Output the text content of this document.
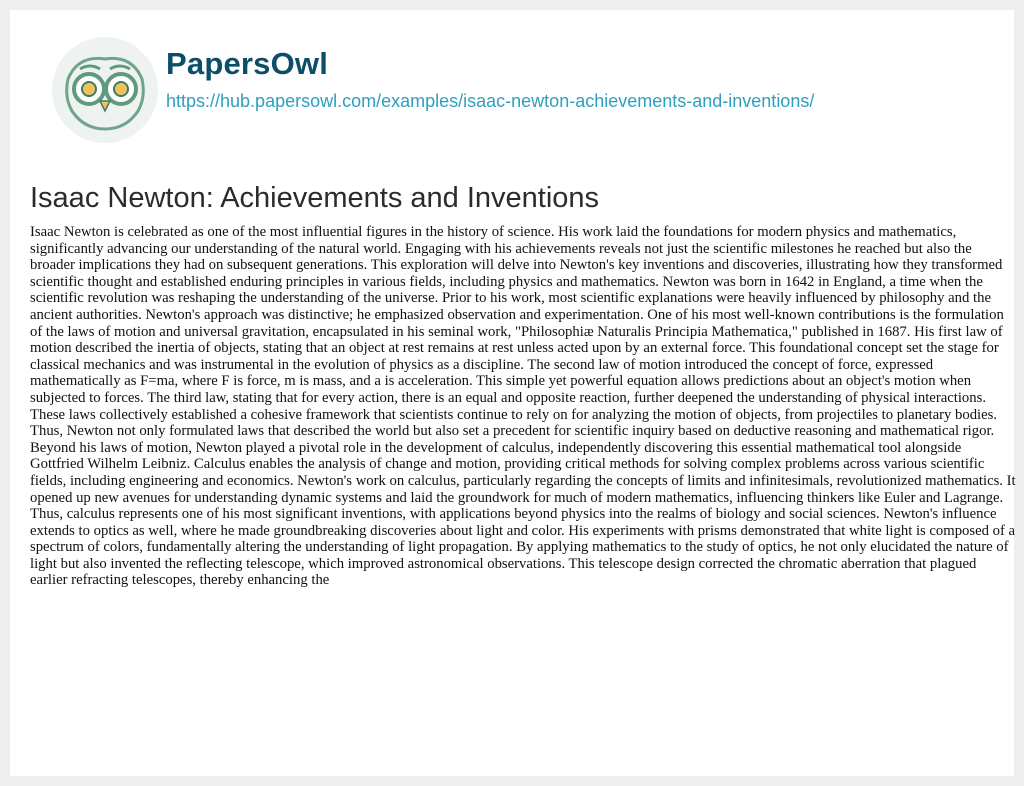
PapersOwl
https://hub.papersowl.com/examples/isaac-newton-achievements-and-inventions/
Isaac Newton: Achievements and Inventions

Isaac Newton is celebrated as one of the most influential figures in the history of science. His work laid the foundations for modern physics and mathematics, significantly advancing our understanding of the natural world. Engaging with his achievements reveals not just the scientific milestones he reached but also the broader implications they had on subsequent generations. This exploration will delve into Newton's key inventions and discoveries, illustrating how they transformed scientific thought and established enduring principles in various fields, including physics and mathematics. Newton was born in 1642 in England, a time when the scientific revolution was reshaping the understanding of the universe. Prior to his work, most scientific explanations were heavily influenced by philosophy and the ancient authorities. Newton's approach was distinctive; he emphasized observation and experimentation. One of his most well-known contributions is the formulation of the laws of motion and universal gravitation, encapsulated in his seminal work, "Philosophiæ Naturalis Principia Mathematica," published in 1687. His first law of motion described the inertia of objects, stating that an object at rest remains at rest unless acted upon by an external force. This foundational concept set the stage for classical mechanics and was instrumental in the evolution of physics as a discipline. The second law of motion introduced the concept of force, expressed mathematically as F=ma, where F is force, m is mass, and a is acceleration. This simple yet powerful equation allows predictions about an object's motion when subjected to forces. The third law, stating that for every action, there is an equal and opposite reaction, further deepened the understanding of physical interactions. These laws collectively established a cohesive framework that scientists continue to rely on for analyzing the motion of objects, from projectiles to planetary bodies. Thus, Newton not only formulated laws that described the world but also set a precedent for scientific inquiry based on deductive reasoning and mathematical rigor. Beyond his laws of motion, Newton played a pivotal role in the development of calculus, independently discovering this essential mathematical tool alongside Gottfried Wilhelm Leibniz. Calculus enables the analysis of change and motion, providing critical methods for solving complex problems across various scientific fields, including engineering and economics. Newton's work on calculus, particularly regarding the concepts of limits and infinitesimals, revolutionized mathematics. It opened up new avenues for understanding dynamic systems and laid the groundwork for much of modern mathematics, influencing thinkers like Euler and Lagrange. Thus, calculus represents one of his most significant inventions, with applications beyond physics into the realms of biology and social sciences. Newton's influence extends to optics as well, where he made groundbreaking discoveries about light and color. His experiments with prisms demonstrated that white light is composed of a spectrum of colors, fundamentally altering the understanding of light propagation. By applying mathematics to the study of optics, he not only elucidated the nature of light but also invented the reflecting telescope, which improved astronomical observations. This telescope design corrected the chromatic aberration that plagued earlier refracting telescopes, thereby enhancing the
